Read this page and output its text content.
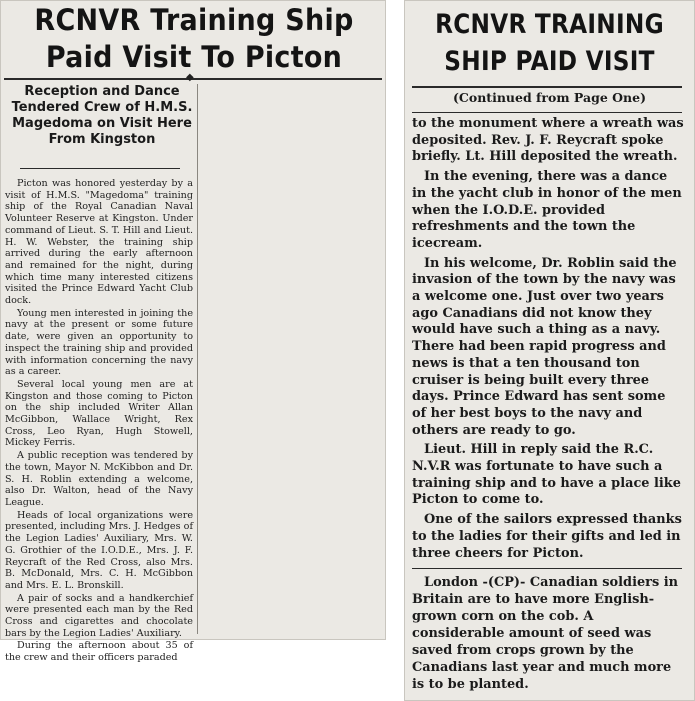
RCNVR Training Ship
Paid Visit To Picton
◆
Reception and Dance Tendered Crew of H.M.S. Magedoma on Visit Here From Kingston

Picton was honored yesterday by a visit of H.M.S. "Magedoma" training ship of the Royal Canadian Naval Volunteer Reserve at Kingston. Under command of Lieut. S. T. Hill and Lieut. H. W. Webster, the training ship arrived during the early afternoon and remained for the night, during which time many interested citizens visited the Prince Edward Yacht Club dock.

Young men interested in joining the navy at the present or some future date, were given an opportunity to inspect the training ship and provided with information concerning the navy as a career.

Several local young men are at Kingston and those coming to Picton on the ship included Writer Allan McGibbon, Wallace Wright, Rex Cross, Leo Ryan, Hugh Stowell, Mickey Ferris.

A public reception was tendered by the town, Mayor N. McKibbon and Dr. S. H. Roblin extending a welcome, also Dr. Walton, head of the Navy League.

Heads of local organizations were presented, including Mrs. J. Hedges of the Legion Ladies' Auxiliary, Mrs. W. G. Grothier of the I.O.D.E., Mrs. J. F. Reycraft of the Red Cross, also Mrs. B. McDonald, Mrs. C. H. McGibbon and Mrs. E. L. Bronskill.

A pair of socks and a handkerchief were presented each man by the Red Cross and cigarettes and chocolate bars by the Legion Ladies' Auxiliary.

During the afternoon about 35 of the crew and their officers paraded

RCNVR TRAINING
SHIP PAID VISIT
(Continued from Page One)

to the monument where a wreath was deposited. Rev. J. F. Reycraft spoke briefly. Lt. Hill deposited the wreath.

In the evening, there was a dance in the yacht club in honor of the men when the I.O.D.E. provided refreshments and the town the icecream.

In his welcome, Dr. Roblin said the invasion of the town by the navy was a welcome one. Just over two years ago Canadians did not know they would have such a thing as a navy. There had been rapid progress and news is that a ten thousand ton cruiser is being built every three days. Prince Edward has sent some of her best boys to the navy and others are ready to go.

Lieut. Hill in reply said the R.C. N.V.R was fortunate to have such a training ship and to have a place like Picton to come to.

One of the sailors expressed thanks to the ladies for their gifts and led in three cheers for Picton.

London -(CP)- Canadian soldiers in Britain are to have more English-grown corn on the cob. A considerable amount of seed was saved from crops grown by the Canadians last year and much more is to be planted.
